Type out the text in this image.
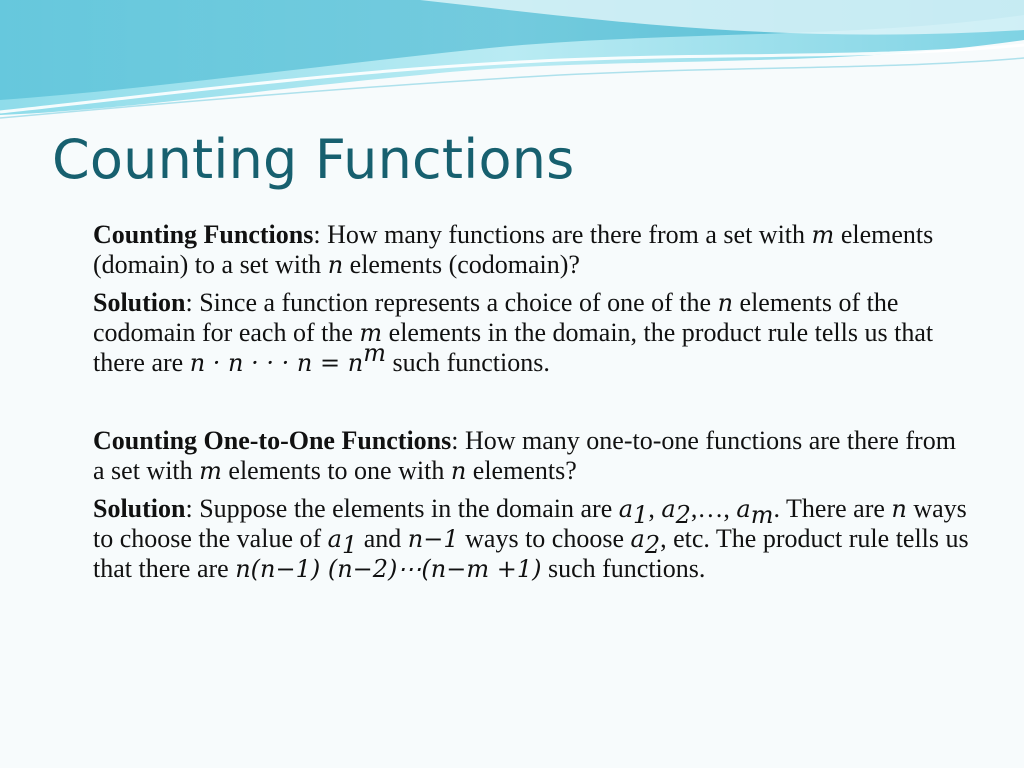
Counting Functions

Counting Functions: How many functions are there from a set with m elements (domain) to a set with n elements (codomain)?

Solution: Since a function represents a choice of one of the n elements of the codomain for each of the m elements in the domain, the product rule tells us that there are n · n · · · $n = n^m$ such functions.

Counting One-to-One Functions: How many one-to-one functions are there from a set with m elements to one with n elements?

Solution: Suppose the elements in the domain are $a_1$, $a_2,\dots$, $a_m$. There are n ways to choose the value of $a_1$ and n−1 ways to choose $a_2$, etc. The product rule tells us that there are n(n−1) (n−2)⋯(n−m +1) such functions.
